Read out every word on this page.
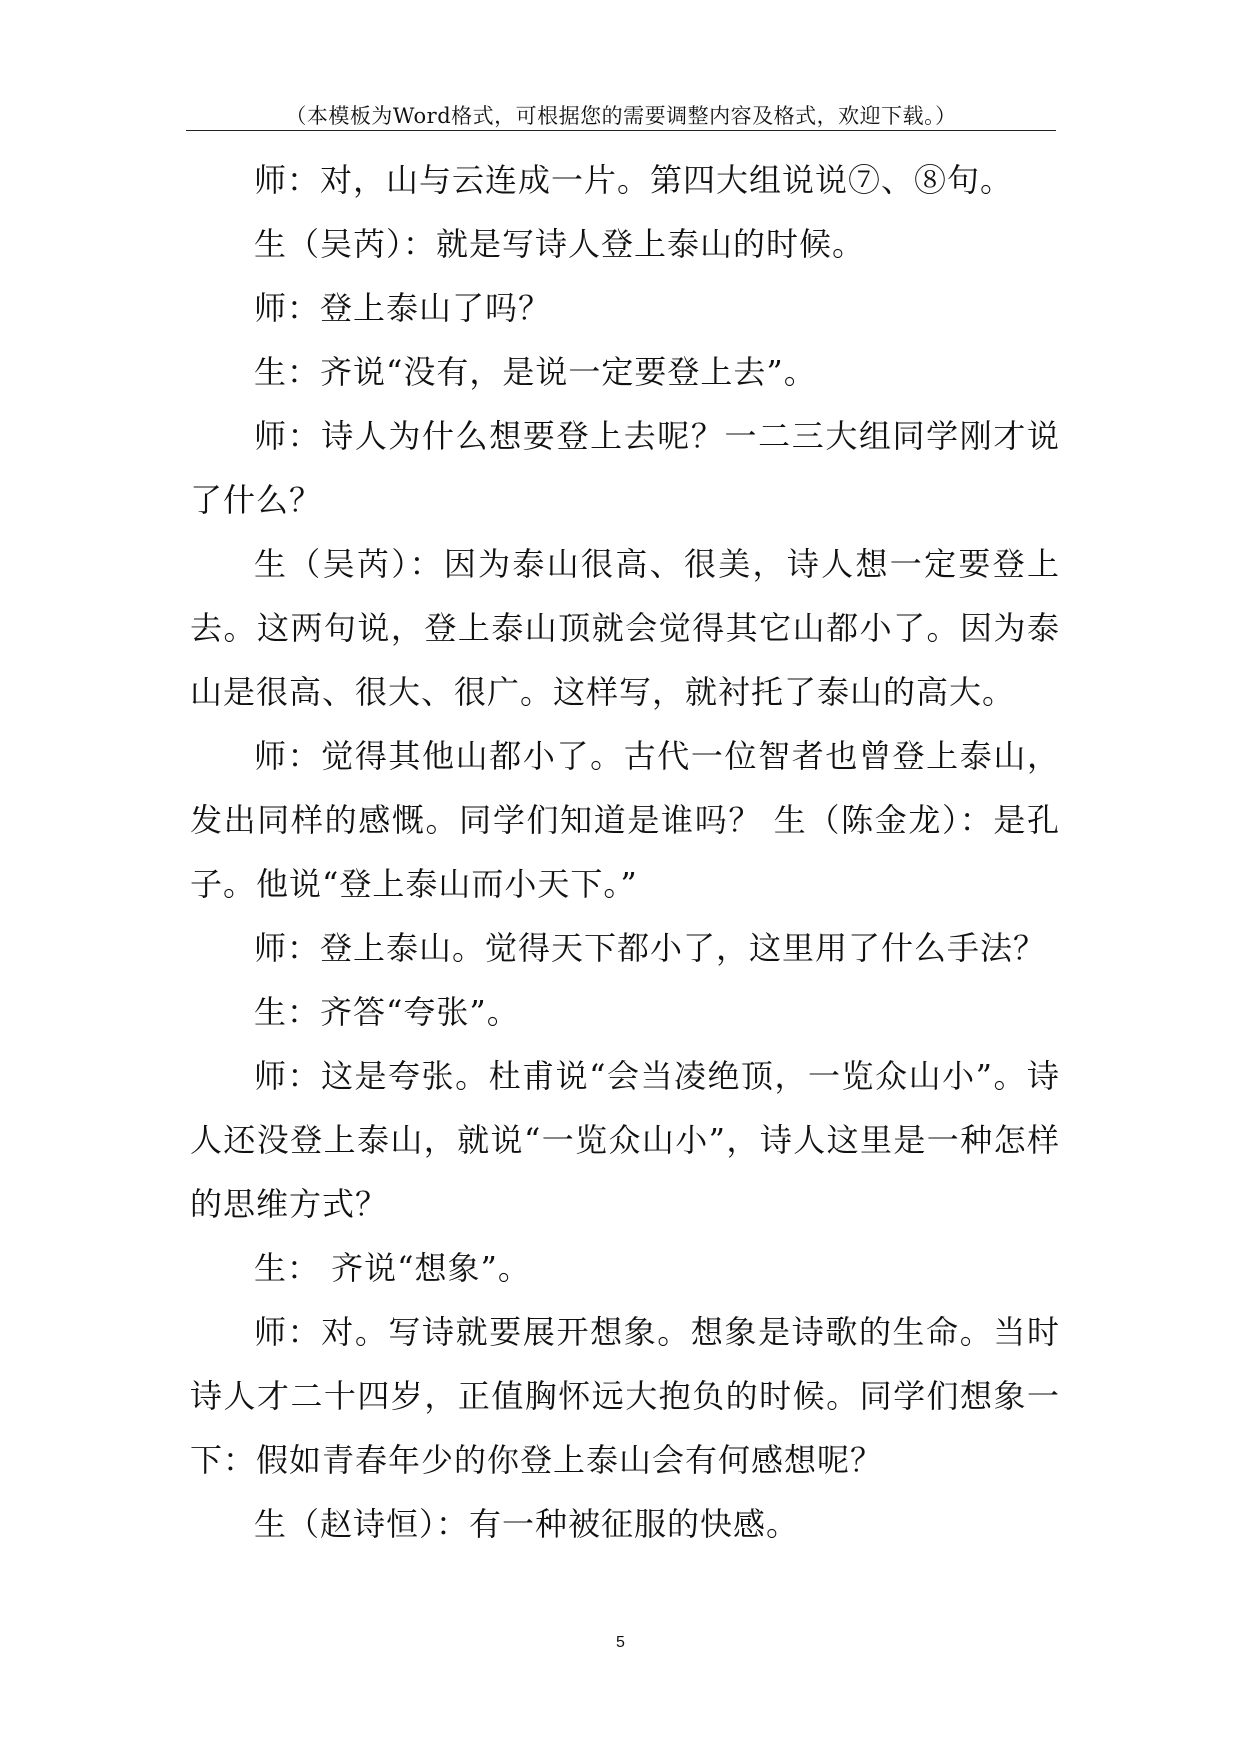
（本模板为Word格式，可根据您的需要调整内容及格式，欢迎下载。）

师：对，山与云连成一片。第四大组说说⑦、⑧句。

生（吴芮）：就是写诗人登上泰山的时候。

师：登上泰山了吗？

生：齐说“没有，是说一定要登上去”。

师：诗人为什么想要登上去呢？一二三大组同学刚才说了什么？

生（吴芮）：因为泰山很高、很美，诗人想一定要登上去。这两句说，登上泰山顶就会觉得其它山都小了。因为泰山是很高、很大、很广。这样写，就衬托了泰山的高大。

师：觉得其他山都小了。古代一位智者也曾登上泰山，发出同样的感慨。同学们知道是谁吗？ 生（陈金龙）：是孔子。他说“登上泰山而小天下。”

师：登上泰山。觉得天下都小了，这里用了什么手法？

生：齐答“夸张”。

师：这是夸张。杜甫说“会当凌绝顶，一览众山小”。诗人还没登上泰山，就说“一览众山小”，诗人这里是一种怎样的思维方式？

生： 齐说“想象”。

师：对。写诗就要展开想象。想象是诗歌的生命。当时诗人才二十四岁，正值胸怀远大抱负的时候。同学们想象一下：假如青春年少的你登上泰山会有何感想呢？

生（赵诗恒）：有一种被征服的快感。

5
